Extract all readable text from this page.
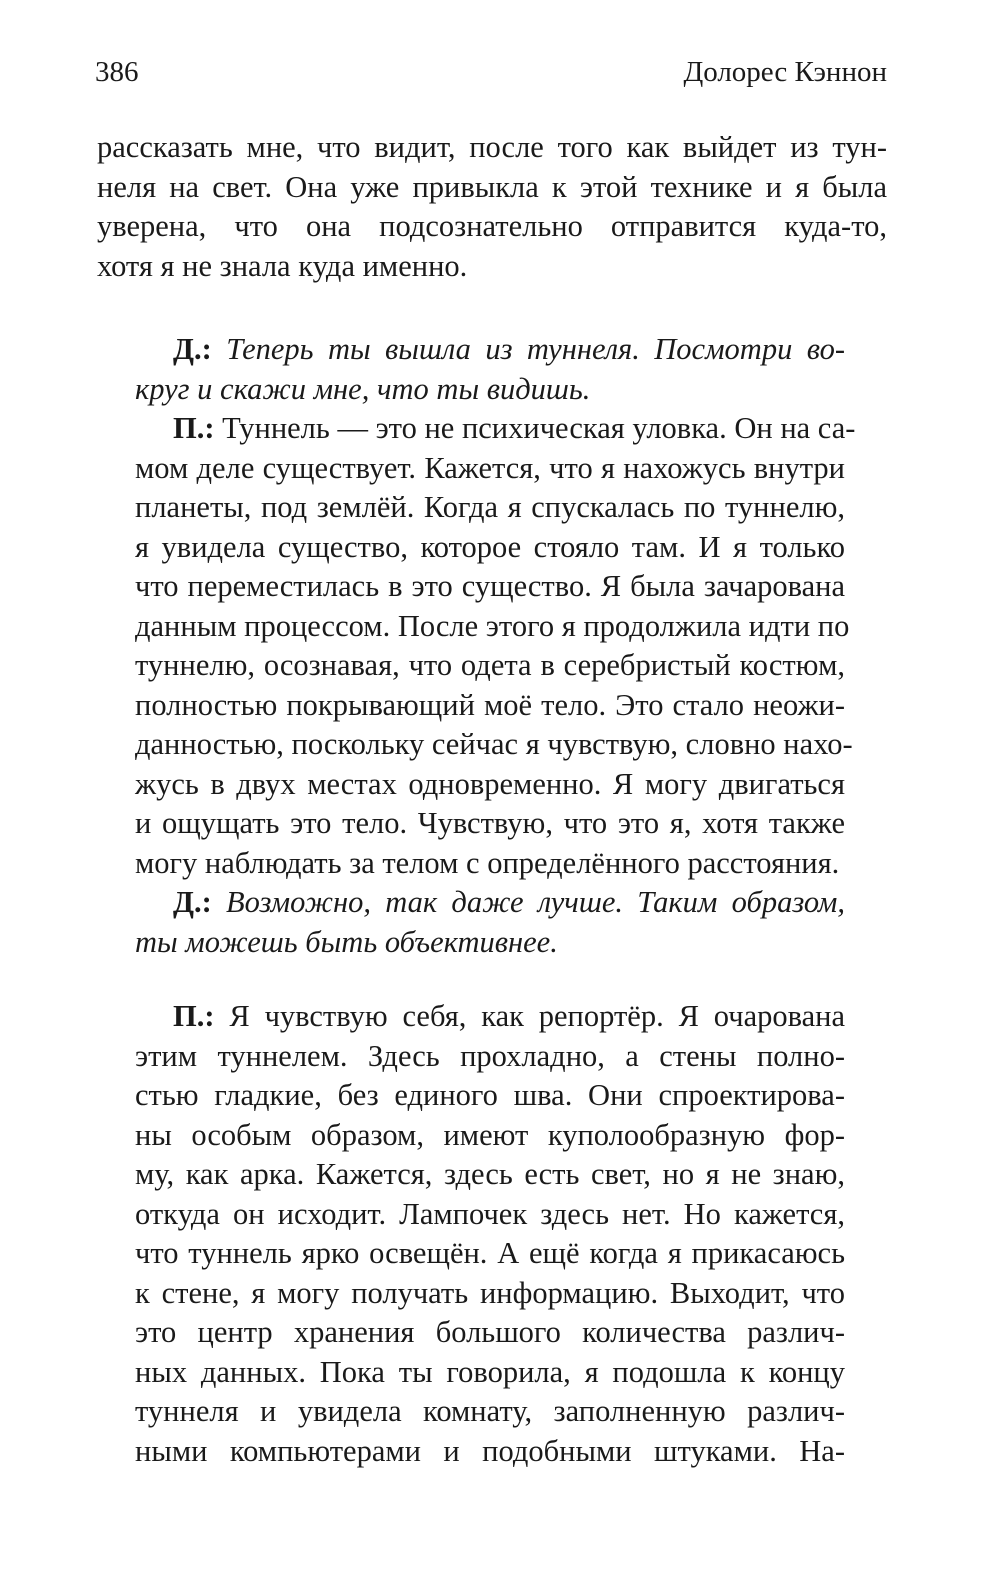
386	Долорес Кэннон
рассказать мне, что видит, после того как выйдет из тун-
неля на свет. Она уже привыкла к этой технике и я была
уверена, что она подсознательно отправится куда-то,
хотя я не знала куда именно.
Д.: Теперь ты вышла из туннеля. Посмотри во-
круг и скажи мне, что ты видишь.
П.: Туннель — это не психическая уловка. Он на са-
мом деле существует. Кажется, что я нахожусь внутри
планеты, под землёй. Когда я спускалась по туннелю,
я увидела существо, которое стояло там. И я только
что переместилась в это существо. Я была зачарована
данным процессом. После этого я продолжила идти по
туннелю, осознавая, что одета в серебристый костюм,
полностью покрывающий моё тело. Это стало неожи-
данностью, поскольку сейчас я чувствую, словно нахо-
жусь в двух местах одновременно. Я могу двигаться
и ощущать это тело. Чувствую, что это я, хотя также
могу наблюдать за телом с определённого расстояния.
Д.: Возможно, так даже лучше. Таким образом,
ты можешь быть объективнее.
П.: Я чувствую себя, как репортёр. Я очарована
этим туннелем. Здесь прохладно, а стены полно-
стью гладкие, без единого шва. Они спроектирова-
ны особым образом, имеют куполообразную фор-
му, как арка. Кажется, здесь есть свет, но я не знаю,
откуда он исходит. Лампочек здесь нет. Но кажется,
что туннель ярко освещён. А ещё когда я прикасаюсь
к стене, я могу получать информацию. Выходит, что
это центр хранения большого количества различ-
ных данных. Пока ты говорила, я подошла к концу
туннеля и увидела комнату, заполненную различ-
ными компьютерами и подобными штуками. На-
